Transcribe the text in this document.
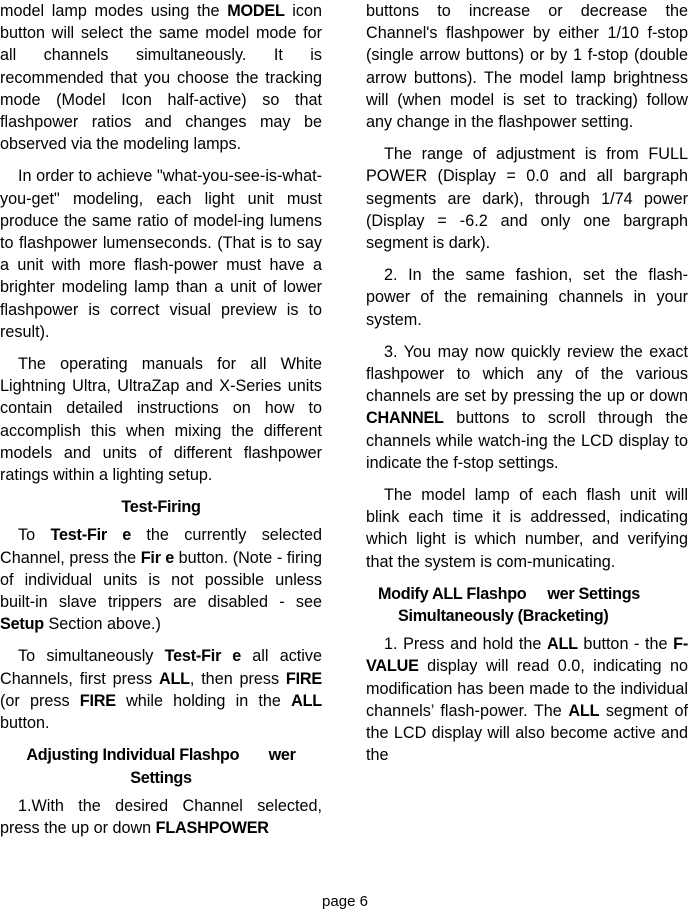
model lamp modes using the MODEL icon button will select the same model mode for all channels simultaneously. It is recommended that you choose the tracking mode (Model Icon half-active) so that flashpower ratios and changes may be observed via the modeling lamps.

In order to achieve "what-you-see-is-what-you-get" modeling, each light unit must produce the same ratio of model-ing lumens to flashpower lumenseconds. (That is to say a unit with more flash-power must have a brighter modeling lamp than a unit of lower flashpower is correct visual preview is to result).

The operating manuals for all White Lightning Ultra, UltraZap and X-Series units contain detailed instructions on how to accomplish this when mixing the different models and units of different flashpower ratings within a lighting setup.

Test-Firing

To Test-Fir e the currently selected Channel, press the Fir e button. (Note - firing of individual units is not possible unless built-in slave trippers are disabled - see Setup Section above.)

To simultaneously Test-Fir e all active Channels, first press ALL, then press FIRE (or press FIRE while holding in the ALL button.

Adjusting Individual Flashpo       wer
Settings

1.With the desired Channel selected, press the up or down FLASHPOWER

buttons to increase or decrease the Channel's flashpower by either 1/10 f-stop (single arrow buttons) or by 1 f-stop (double arrow buttons). The model lamp brightness will (when model is set to tracking) follow any change in the flashpower setting.

The range of adjustment is from FULL POWER (Display = 0.0 and all bargraph segments are dark), through 1/74 power (Display = -6.2 and only one bargraph segment is dark).

2. In the same fashion, set the flash-power of the remaining channels in your system.

3. You may now quickly review the exact flashpower to which any of the various channels are set by pressing the up or down CHANNEL buttons to scroll through the channels while watch-ing the LCD display to indicate the f-stop settings.

The model lamp of each flash unit will blink each time it is addressed, indicating which light is which number, and verifying that the system is com-municating.

Modify ALL Flashpo     wer Settings
Simultaneously (Bracketing)

1. Press and hold the ALL button - the F-VALUE display will read 0.0, indicating no modification has been made to the individual channels’ flash-power. The ALL segment of the LCD display will also become active and the

page 6
